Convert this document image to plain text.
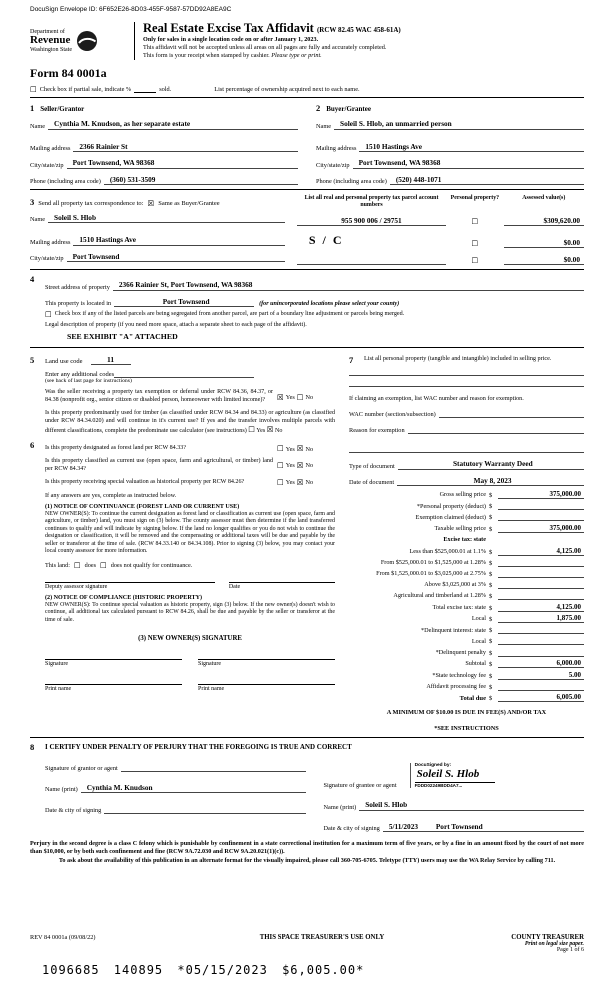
DocuSign Envelope ID: 6F652E26-8D03-455F-9587-57DD92A8EA9C
Department of
Revenue
Washington State
Real Estate Excise Tax Affidavit (RCW 82.45 WAC 458-61A)
Only for sales in a single location code on or after January 1, 2023.
This affidavit will not be accepted unless all areas on all pages are fully and accurately completed.
This form is your receipt when stamped by cashier. Please type or print.
Form 84 0001a
☐ Check box if partial sale, indicate %	sold.	List percentage of ownership acquired next to each name.
1 Seller/Grantor
Name	Cynthia M. Knudson, as her separate estate
Mailing address	2366 Rainier St
City/state/zip	Port Townsend, WA 98368
Phone (including area code)	(360) 531-3509
2 Buyer/Grantee
Name	Soleil S. Hlob, an unmarried person
Mailing address	1510 Hastings Ave
City/state/zip	Port Townsend, WA 98368
Phone (including area code)	(520) 448-1071
3 Send all property tax correspondence to: ☒ Same as Buyer/Grantee
Name	Soleil S. Hlob
Mailing address	1510 Hastings Ave
City/state/zip	Port Townsend
List all real and personal property tax parcel account numbers
Personal property?	Assessed value(s)
955 900 006 / 29751	☐	$309,620.00
S / C	☐	$0.00
☐	$0.00
4
Street address of property	2366 Rainier St, Port Townsend, WA 98368
This property is located in	Port Townsend	(for unincorporated locations please select your county)
☐ Check box if any of the listed parcels are being segregated from another parcel, are part of a boundary line adjustment or parcels being merged.
Legal description of property (if you need more space, attach a separate sheet to each page of the affidavit).
SEE EXHIBIT "A" ATTACHED
5	Land use code	11
Enter any additional codes
(see back of last page for instructions)
Was the seller receiving a property tax exemption or deferral under RCW 84.36, 84.37, or 84.38 (nonprofit org., senior citizen or disabled person, homeowner with limited income)?	☒ Yes ☐ No
Is this property predominantly used for timber (as classified under RCW 84.34 and 84.33) or agriculture (as classified under RCW 84.34.020) and will continue in it's current use? If yes and the transfer involves multiple parcels with different classifications, complete the predominate use calculator (see instructions) ☐ Yes ☒ No
6	Is this property designated as forest land per RCW 84.33?	☐ Yes ☒ No
Is this property classified as current use (open space, farm and agricultural, or timber) land per RCW 84.34?	☐ Yes ☒ No
Is this property receiving special valuation as historical property per RCW 84.26?	☐ Yes ☒ No
If any answers are yes, complete as instructed below.
(1) NOTICE OF CONTINUANCE (FOREST LAND OR CURRENT USE)
NEW OWNER(S): To continue the current designation as forest land or classification as current use (open space, farm and agriculture, or timber) land, you must sign on (3) below. The county assessor must then determine if the land transferred continues to qualify and will indicate by signing below. If the land no longer qualifies or you do not wish to continue the designation or classification, it will be removed and the compensating or additional taxes will be due and payable by the seller or transferor at the time of sale. (RCW 84.33.140 or 84.34.108). Prior to signing (3) below, you may contact your local county assessor for more information.
This land: ☐ does ☐ does not qualify for continuance.
Deputy assessor signature	Date
(2) NOTICE OF COMPLIANCE (HISTORIC PROPERTY)
NEW OWNER(S): To continue special valuation as historic property, sign (3) below. If the new owner(s) doesn't wish to continue, all additional tax calculated pursuant to RCW 84.26, shall be due and payable by the seller or transferor at the time of sale.
(3) NEW OWNER(S) SIGNATURE
Signature	Signature
Print name	Print name
7	List all personal property (tangible and intangible) included in selling price.
If claiming an exemption, list WAC number and reason for exemption.
WAC number (section/subsection)
Reason for exemption
Type of document	Statutory Warranty Deed
Date of document	May 8, 2023
Gross selling price $	375,000.00
*Personal property (deduct) $
Exemption claimed (deduct) $
Taxable selling price $	375,000.00
Excise tax: state
Less than $525,000.01 at 1.1% $	4,125.00
From $525,000.01 to $1,525,000 at 1.28% $
From $1,525,000.01 to $3,025,000 at 2.75% $
Above $3,025,000 at 3% $
Agricultural and timberland at 1.28% $
Total excise tax: state $	4,125.00
Local $	1,875.00
*Delinquent interest: state $
Local $
*Delinquent penalty $
Subtotal $	6,000.00
*State technology fee $	5.00
Affidavit processing fee $
Total due $	6,005.00
A MINIMUM OF $10.00 IS DUE IN FEE(S) AND/OR TAX
*SEE INSTRUCTIONS
8	I CERTIFY UNDER PENALTY OF PERJURY THAT THE FOREGOING IS TRUE AND CORRECT
Signature of grantor or agent
Name (print)	Cynthia M. Knudson
Date & city of signing
Signature of grantee or agent
DocuSigned by:
Soleil S. Hlob
FDDD02249BDD4A7...
Name (print)	Soleil S. Hlob
Date & city of signing	5/11/2023 Port Townsend
Perjury in the second degree is a class C felony which is punishable by confinement in a state correctional institution for a maximum term of five years, or by a fine in an amount fixed by the court of not more than $10,000, or by both such confinement and fine (RCW 9A.72.030 and RCW 9A.20.021(1)(c)).
To ask about the availability of this publication in an alternate format for the visually impaired, please call 360-705-6705. Teletype (TTY) users may use the WA Relay Service by calling 711.
REV 84 0001a (09/08/22)	THIS SPACE TREASURER'S USE ONLY	COUNTY TREASURER
Print on legal size paper.
Page 1 of 6
1096685 140895 *05/15/2023 $6,005.00*
